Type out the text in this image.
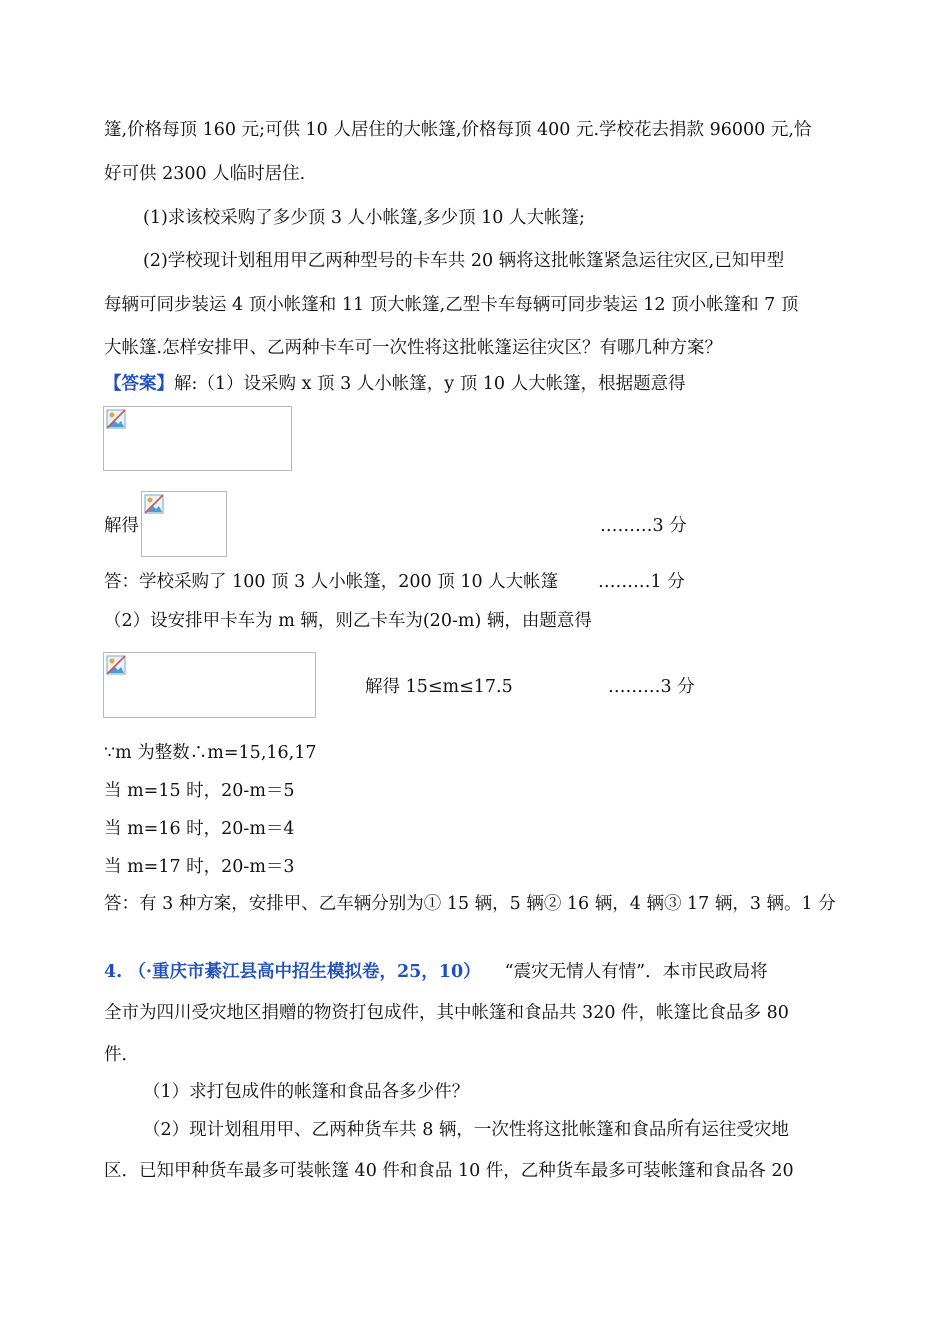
篷,价格每顶 160 元;可供 10 人居住的大帐篷,价格每顶 400 元.学校花去捐款 96000 元,恰
好可供 2300 人临时居住.
(1)求该校采购了多少顶 3 人小帐篷,多少顶 10 人大帐篷;
(2)学校现计划租用甲乙两种型号的卡车共 20 辆将这批帐篷紧急运往灾区,已知甲型
每辆可同步装运 4 顶小帐篷和 11 顶大帐篷,乙型卡车每辆可同步装运 12 顶小帐篷和 7 顶
大帐篷.怎样安排甲、乙两种卡车可一次性将这批帐篷运往灾区？有哪几种方案？
【答案】解:（1）设采购 x 顶 3 人小帐篷，y 顶 10 人大帐篷，根据题意得
解得	………3 分
答：学校采购了 100 顶 3 人小帐篷，200 顶 10 人大帐篷 ………1 分
（2）设安排甲卡车为 m 辆，则乙卡车为(20-m) 辆，由题意得
解得 15≤m≤17.5	………3 分
∵m 为整数∴m=15,16,17
当 m=15 时，20-m＝5
当 m=16 时，20-m＝4
当 m=17 时，20-m＝3
答：有 3 种方案，安排甲、乙车辆分别为① 15 辆，5 辆② 16 辆，4 辆③ 17 辆，3 辆。1 分
4. （·重庆市綦江县高中招生模拟卷，25，10） “震灾无情人有情”．本市民政局将
全市为四川受灾地区捐赠的物资打包成件，其中帐篷和食品共 320 件，帐篷比食品多 80
件．
（1）求打包成件的帐篷和食品各多少件？
（2）现计划租用甲、乙两种货车共 8 辆，一次性将这批帐篷和食品所有运往受灾地
区．已知甲种货车最多可装帐篷 40 件和食品 10 件，乙种货车最多可装帐篷和食品各 20
